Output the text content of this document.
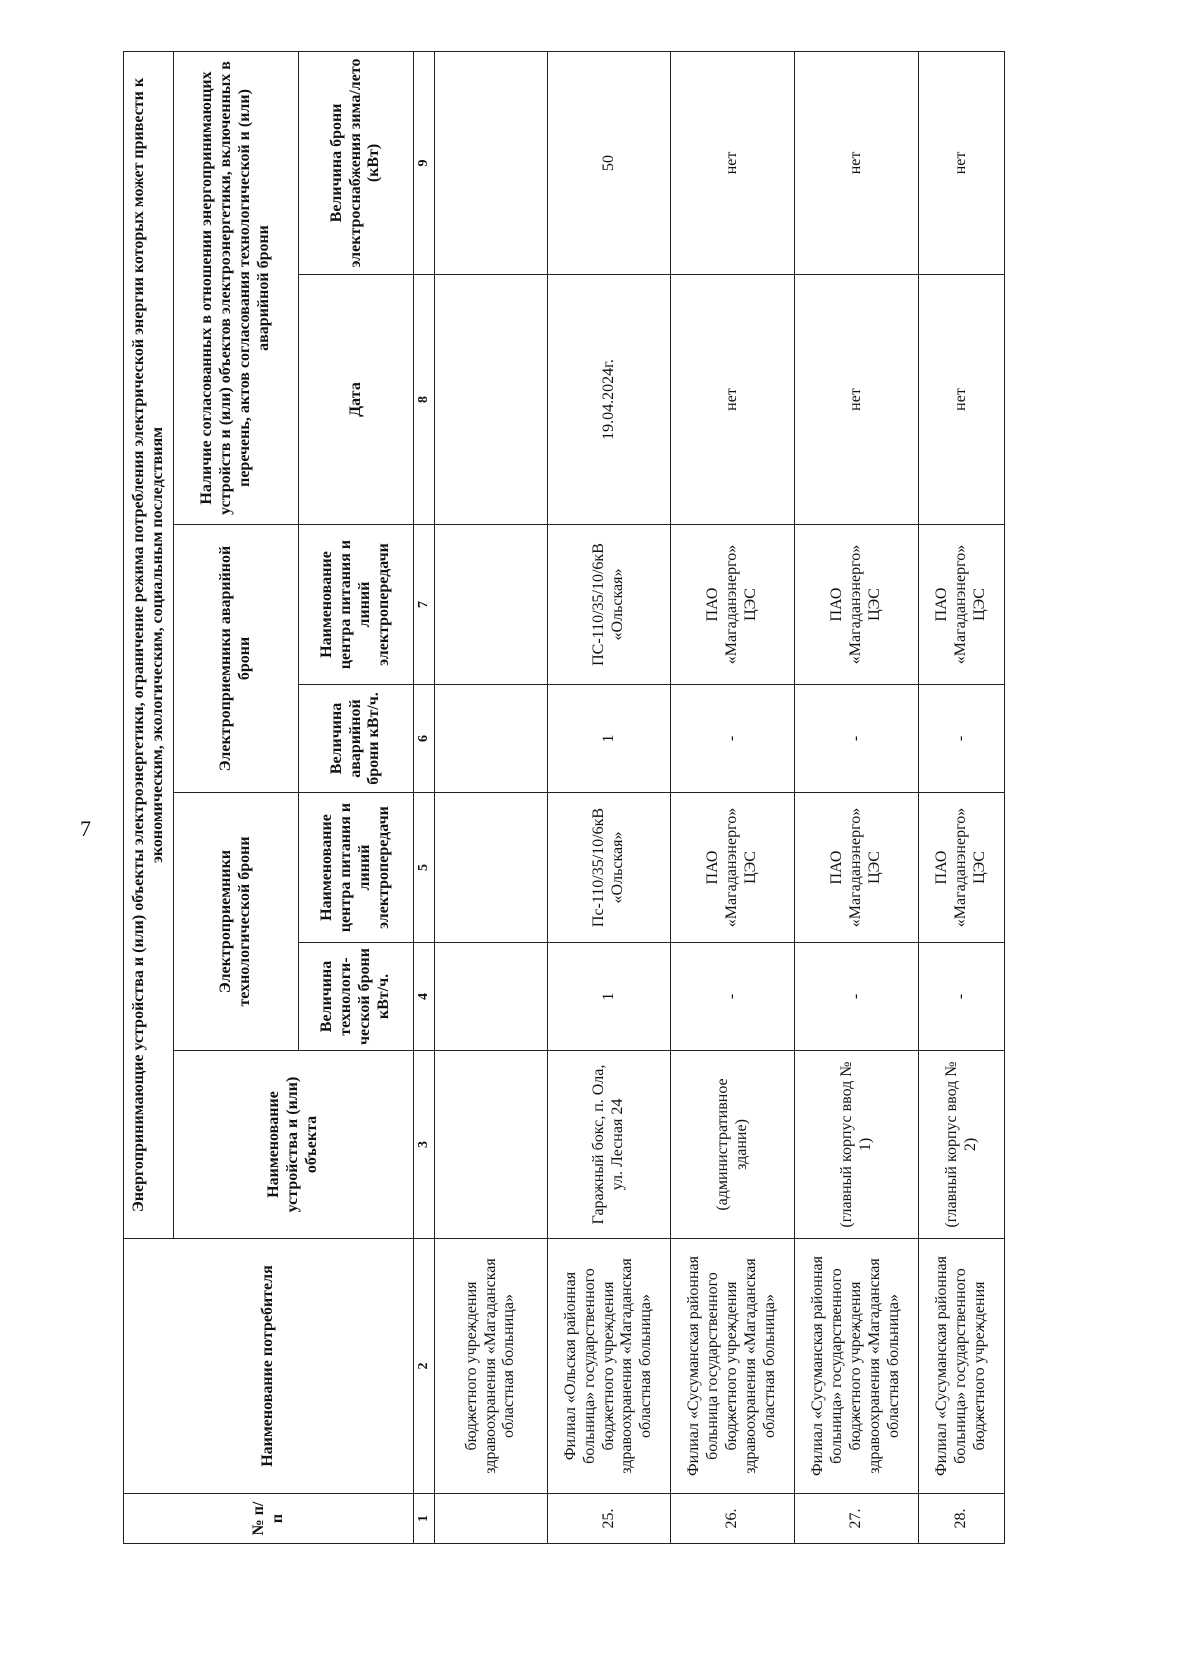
7
№ п/п	Наименование потребителя	Энергопринимающие устройства и (или) объекты электроэнергетики, ограничение режима потребления электрической энергии которых может привести к экономическим, экологическим, социальным последствиям						
		Наименование устройства и (или) объекта	Электроприемники технологической брони		Электроприемники аварийной брони		Наличие согласованных в отношении энергопринимающих устройств и (или) объектов электроэнергетики, включенных в перечень, актов согласования технологической и (или) аварийной брони	
			Величина технологи-ческой брони кВт/ч.	Наименование центра питания и линий электропередачи	Величина аварийной брони кВт/ч.	Наименование центра питания и линий электропередачи	Дата	Величина брони электроснабжения зима/лето (кВт)
1	2	3	4	5	6	7	8	9
	бюджетного учреждения здравоохранения «Магаданская областная больница»							
25.	Филиал «Ольская районная больница» государственного бюджетного учреждения здравоохранения «Магаданская областная больница»	Гаражный бокс, п. Ола, ул. Лесная 24	1	Пс-110/35/10/6кВ «Ольская»	1	ПС-110/35/10/6кВ «Ольская»	19.04.2024г.	50
26.	Филиал «Сусуманская районная больница государственного бюджетного учреждения здравоохранения «Магаданская областная больница»	(административное здание)	-	ПАО «Магаданэнерго» ЦЭС	-	ПАО «Магаданэнерго» ЦЭС	нет	нет
27.	Филиал «Сусуманская районная больница» государственного бюджетного учреждения здравоохранения «Магаданская областная больница»	(главный корпус ввод № 1)	-	ПАО «Магаданэнерго» ЦЭС	-	ПАО «Магаданэнерго» ЦЭС	нет	нет
28.	Филиал «Сусуманская районная больница» государственного бюджетного учреждения	(главный корпус ввод № 2)	-	ПАО «Магаданэнерго» ЦЭС	-	ПАО «Магаданэнерго» ЦЭС	нет	нет
